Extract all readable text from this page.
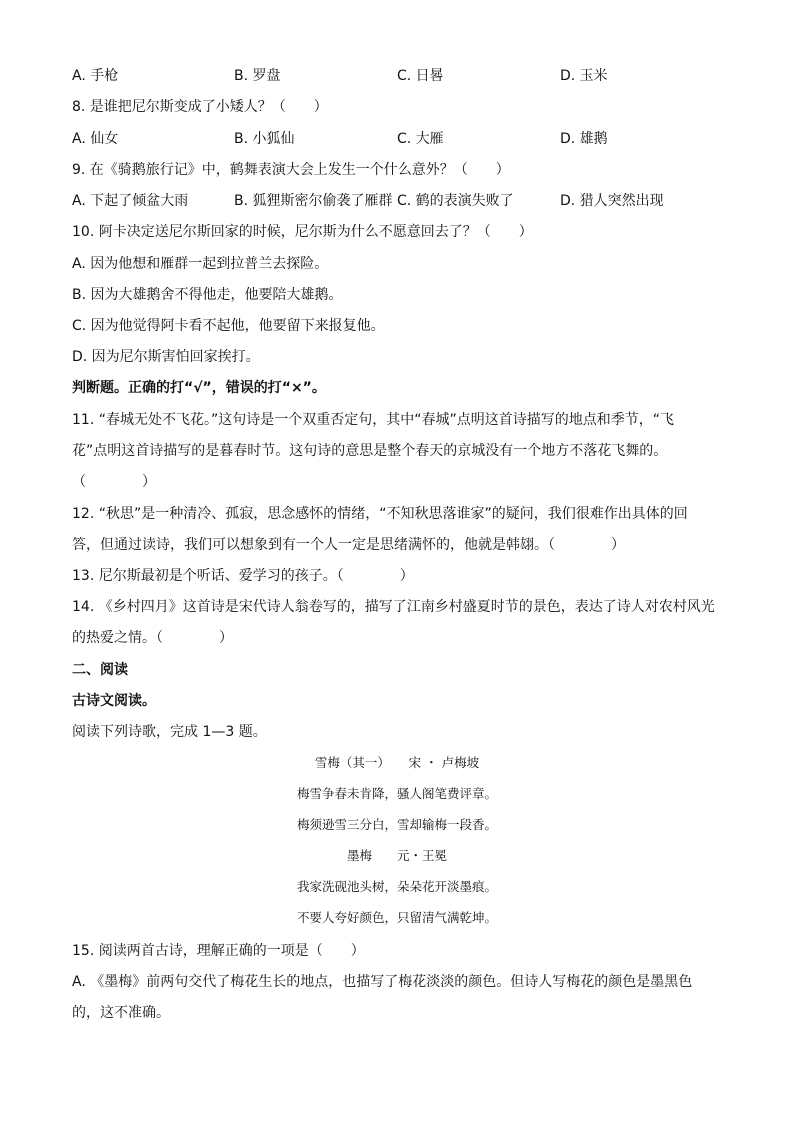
A. 手枪	B. 罗盘	C. 日晷	D. 玉米
8. 是谁把尼尔斯变成了小矮人？（　　）
A. 仙女	B. 小狐仙	C. 大雁	D. 雄鹅
9. 在《骑鹅旅行记》中，鹤舞表演大会上发生一个什么意外？（　　）
A. 下起了倾盆大雨	B. 狐狸斯密尔偷袭了雁群 C. 鹤的表演失败了	D. 猎人突然出现
10. 阿卡决定送尼尔斯回家的时候，尼尔斯为什么不愿意回去了？（　　）
A. 因为他想和雁群一起到拉普兰去探险。
B. 因为大雄鹅舍不得他走，他要陪大雄鹅。
C. 因为他觉得阿卡看不起他，他要留下来报复他。
D. 因为尼尔斯害怕回家挨打。
判断题。正确的打“√”，错误的打“×”。
11. “春城无处不飞花。”这句诗是一个双重否定句，其中“春城”点明这首诗描写的地点和季节，“飞
花”点明这首诗描写的是暮春时节。这句诗的意思是整个春天的京城没有一个地方不落花飞舞的。
（　　　　）
12. “秋思”是一种清冷、孤寂，思念感怀的情绪，“不知秋思落谁家”的疑问，我们很难作出具体的回
答，但通过读诗，我们可以想象到有一个人一定是思绪满怀的，他就是韩翃。（　　　　）
13. 尼尔斯最初是个听话、爱学习的孩子。（　　　　）
14. 《乡村四月》这首诗是宋代诗人翁卷写的，描写了江南乡村盛夏时节的景色，表达了诗人对农村风光
的热爱之情。（　　　　）
二、阅读
古诗文阅读。
阅读下列诗歌，完成 1—3 题。
雪梅（其一）　　宋 ・ 卢梅坡
梅雪争春未肯降，骚人阁笔费评章。
梅须逊雪三分白，雪却输梅一段香。
墨梅　　元・王冕
我家洗砚池头树，朵朵花开淡墨痕。
不要人夸好颜色，只留清气满乾坤。
15. 阅读两首古诗，理解正确的一项是（　　）
A. 《墨梅》前两句交代了梅花生长的地点，也描写了梅花淡淡的颜色。但诗人写梅花的颜色是墨黑色
的，这不准确。
